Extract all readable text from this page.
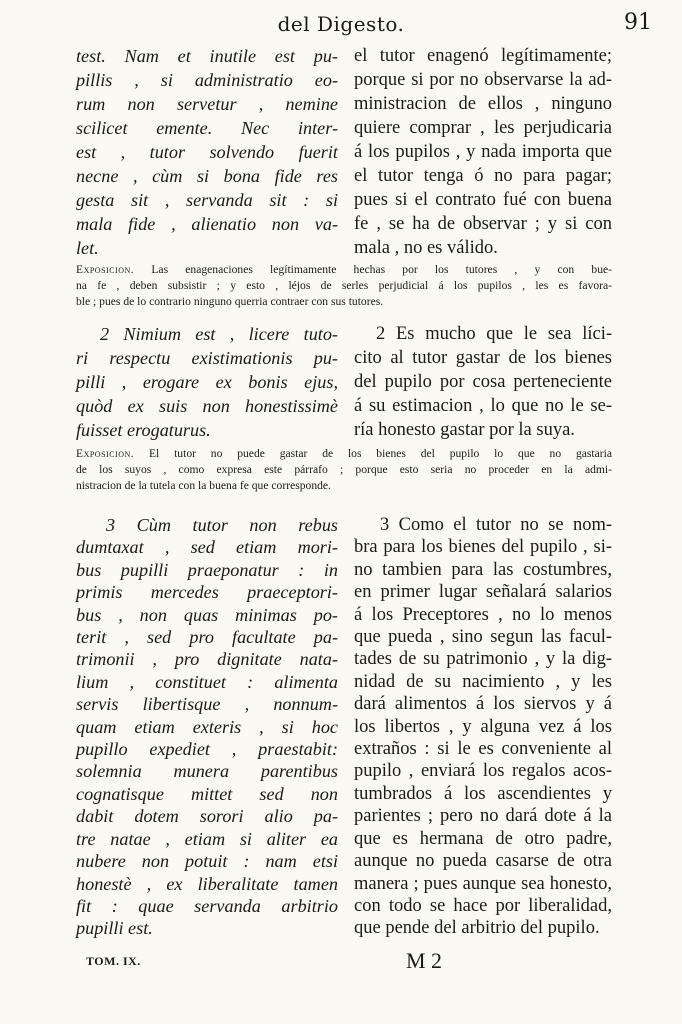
del Digesto.	91
test. Nam et inutile est pu-
pillis , si administratio eo-
rum non servetur , nemine
scilicet emente. Nec inter-
est , tutor solvendo fuerit
necne , cùm si bona fide res
gesta sit , servanda sit : si
mala fide , alienatio non va-
let.
el tutor enagenó legítimamente;
porque si por no observarse la ad-
ministracion de ellos , ninguno
quiere comprar , les perjudicaria
á los pupilos , y nada importa que
el tutor tenga ó no para pagar;
pues si el contrato fué con buena
fe , se ha de observar ; y si con
mala , no es válido.
Exposicion. Las enagenaciones legítimamente hechas por los tutores , y con bue-
na fe , deben subsistir ; y esto , léjos de serles perjudicial á los pupilos , les es favora-
ble ; pues de lo contrario ninguno querria contraer con sus tutores.
2 Nimium est , licere tuto-
ri respectu existimationis pu-
pilli , erogare ex bonis ejus,
quòd ex suis non honestissimè
fuisset erogaturus.
2 Es mucho que le sea líci-
cito al tutor gastar de los bienes
del pupilo por cosa perteneciente
á su estimacion , lo que no le se-
ría honesto gastar por la suya.
Exposicion. El tutor no puede gastar de los bienes del pupilo lo que no gastaria
de los suyos , como expresa este párrafo ; porque esto seria no proceder en la admi-
nistracion de la tutela con la buena fe que corresponde.
3 Cùm tutor non rebus
dumtaxat , sed etiam mori-
bus pupilli praeponatur : in
primis mercedes praeceptori-
bus , non quas minimas po-
terit , sed pro facultate pa-
trimonii , pro dignitate nata-
lium , constituet : alimenta
servis libertisque , nonnum-
quam etiam exteris , si hoc
pupillo expediet , praestabit:
solemnia munera parentibus
cognatisque mittet sed non
dabit dotem sorori alio pa-
tre natae , etiam si aliter ea
nubere non potuit : nam etsi
honestè , ex liberalitate tamen
fit : quae servanda arbitrio
pupilli est.
3 Como el tutor no se nom-
bra para los bienes del pupilo , si-
no tambien para las costumbres,
en primer lugar señalará salarios
á los Preceptores , no lo menos
que pueda , sino segun las facul-
tades de su patrimonio , y la dig-
nidad de su nacimiento , y les
dará alimentos á los siervos y á
los libertos , y alguna vez á los
extraños : si le es conveniente al
pupilo , enviará los regalos acos-
tumbrados á los ascendientes y
parientes ; pero no dará dote á la
que es hermana de otro padre,
aunque no pueda casarse de otra
manera ; pues aunque sea honesto,
con todo se hace por liberalidad,
que pende del arbitrio del pupilo.
TOM. IX.	M 2
